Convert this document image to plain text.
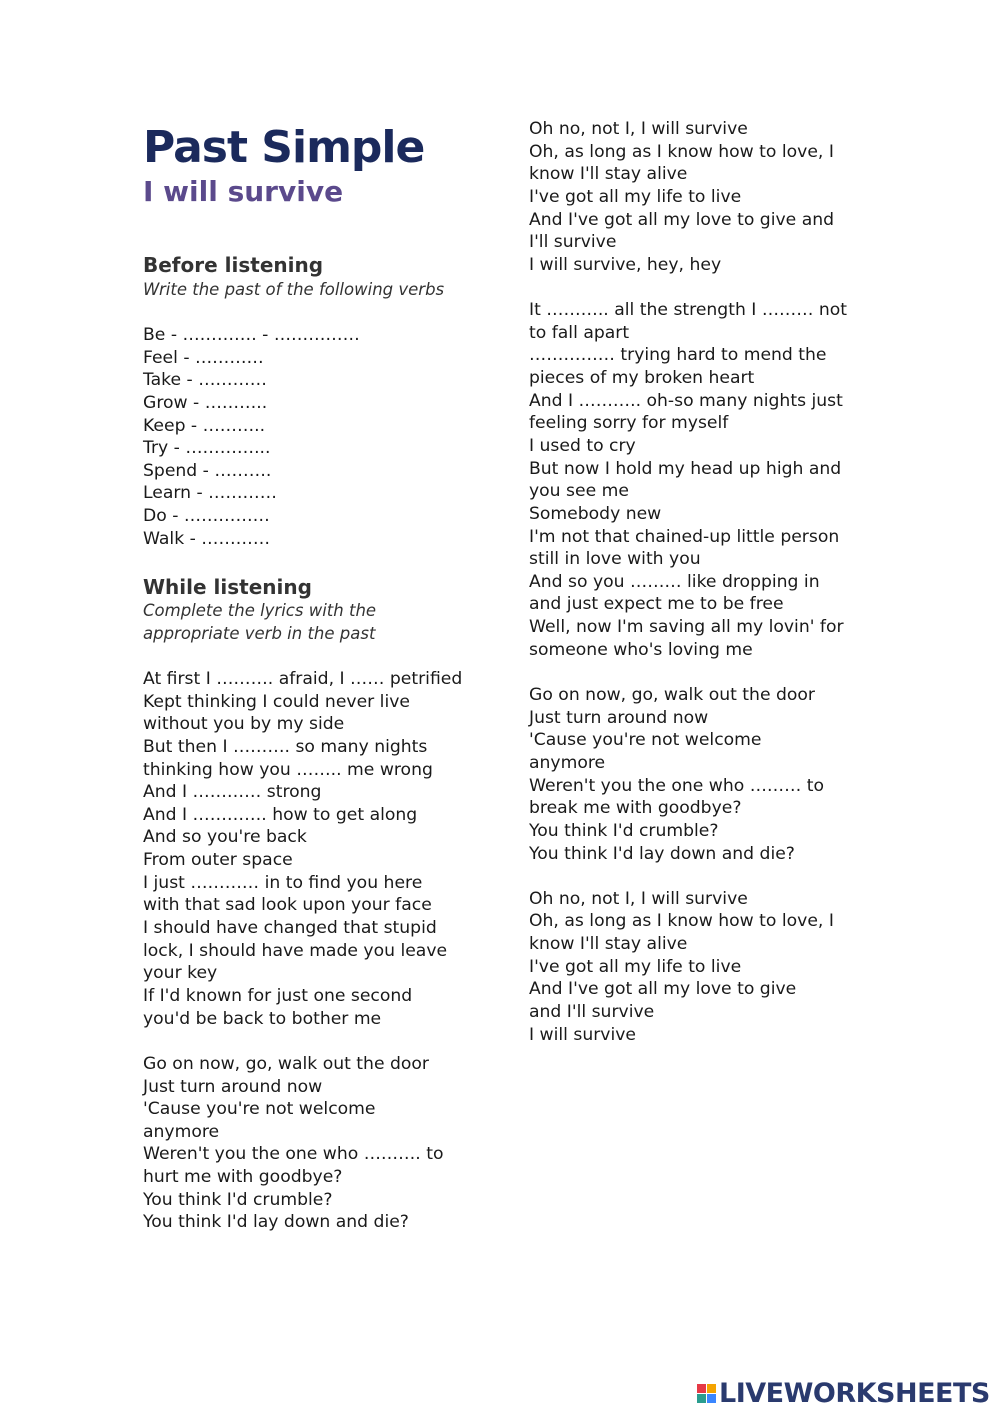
Past Simple
I will survive
Before listening

Write the past of the following verbs

Be - …………. - ……………
Feel - …………
Take - …………
Grow - ………..
Keep - ………..
Try - …………...
Spend - ……….
Learn - …………
Do - ……………
Walk - …………
While listening

Complete the lyrics with the
appropriate verb in the past

At first I ………. afraid, I …… petrified
Kept thinking I could never live
without you by my side
But then I ………. so many nights
thinking how you …….. me wrong
And I ………… strong
And I …………. how to get along
And so you're back
From outer space
I just ………… in to find you here
with that sad look upon your face
I should have changed that stupid
lock, I should have made you leave
your key
If I'd known for just one second
you'd be back to bother me
Go on now, go, walk out the door
Just turn around now
'Cause you're not welcome
anymore
Weren't you the one who ………. to
hurt me with goodbye?
You think I'd crumble?
You think I'd lay down and die?
Oh no, not I, I will survive
Oh, as long as I know how to love, I
know I'll stay alive
I've got all my life to live
And I've got all my love to give and
I'll survive
I will survive, hey, hey
It ……….. all the strength I ……… not
to fall apart
…………… trying hard to mend the
pieces of my broken heart
And I ……….. oh-so many nights just
feeling sorry for myself
I used to cry
But now I hold my head up high and
you see me
Somebody new
I'm not that chained-up little person
still in love with you
And so you ……… like dropping in
and just expect me to be free
Well, now I'm saving all my lovin' for
someone who's loving me
Go on now, go, walk out the door
Just turn around now
'Cause you're not welcome
anymore
Weren't you the one who ……… to
break me with goodbye?
You think I'd crumble?
You think I'd lay down and die?
Oh no, not I, I will survive
Oh, as long as I know how to love, I
know I'll stay alive
I've got all my life to live
And I've got all my love to give
and I'll survive
I will survive
LIVEWORKSHEETS
